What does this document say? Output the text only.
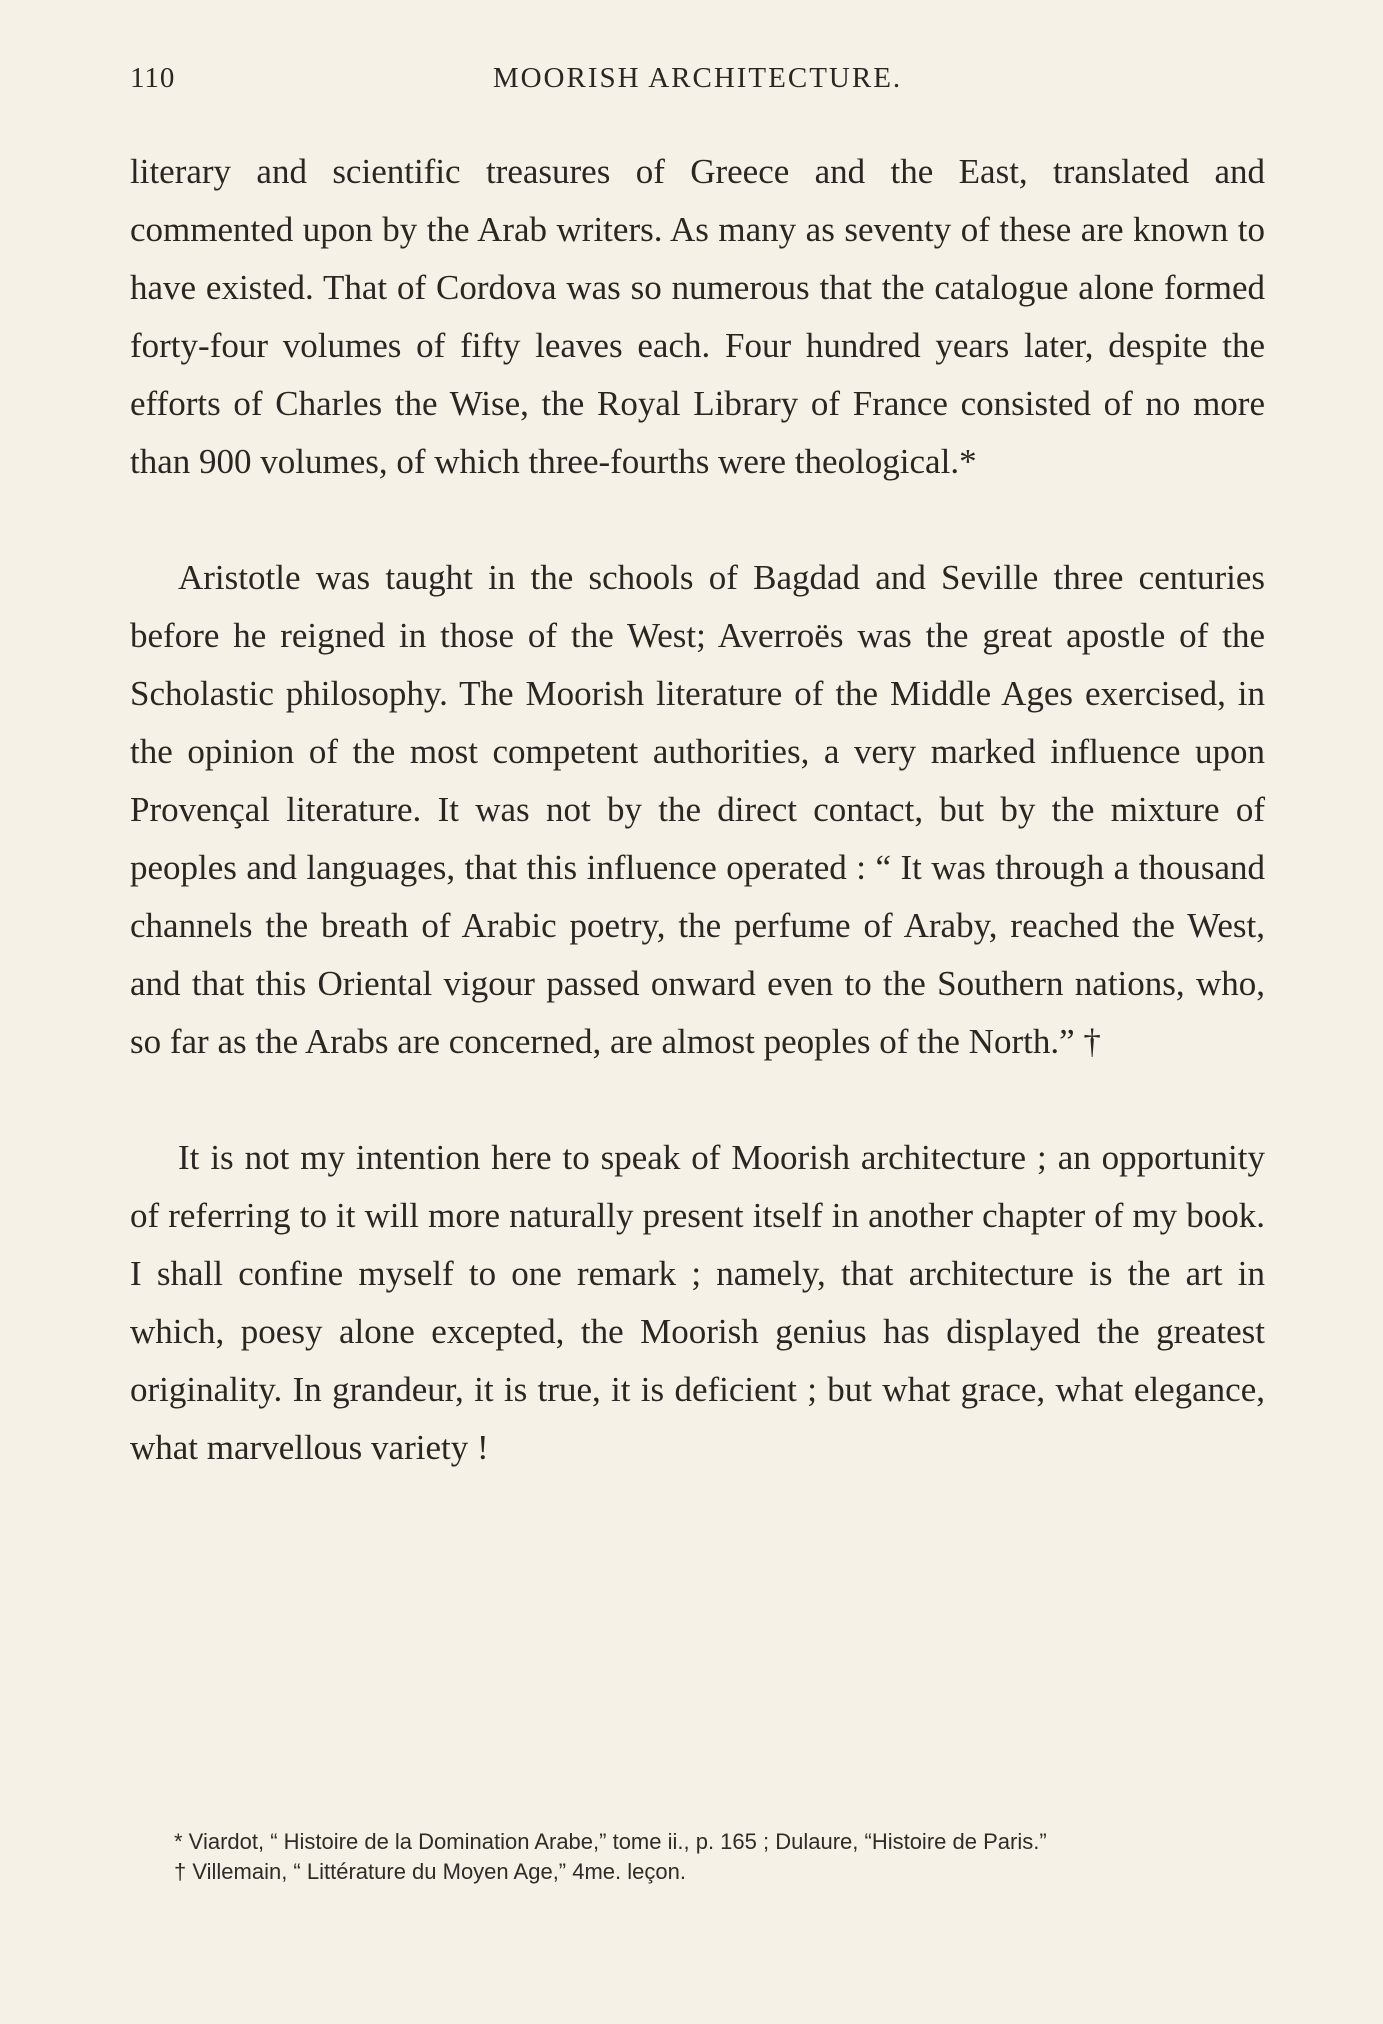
110	MOORISH ARCHITECTURE.

literary and scientific treasures of Greece and the East, translated and commented upon by the Arab writers. As many as seventy of these are known to have existed. That of Cordova was so numerous that the catalogue alone formed forty-four volumes of fifty leaves each. Four hundred years later, despite the efforts of Charles the Wise, the Royal Library of France consisted of no more than 900 volumes, of which three-fourths were theological.*

Aristotle was taught in the schools of Bagdad and Seville three centuries before he reigned in those of the West; Averroës was the great apostle of the Scholastic philosophy. The Moorish literature of the Middle Ages exercised, in the opinion of the most competent authorities, a very marked influence upon Provençal literature. It was not by the direct contact, but by the mixture of peoples and languages, that this influence operated : “ It was through a thousand channels the breath of Arabic poetry, the perfume of Araby, reached the West, and that this Oriental vigour passed onward even to the Southern nations, who, so far as the Arabs are concerned, are almost peoples of the North.” †

It is not my intention here to speak of Moorish architecture ; an opportunity of referring to it will more naturally present itself in another chapter of my book. I shall confine myself to one remark ; namely, that architecture is the art in which, poesy alone excepted, the Moorish genius has displayed the greatest originality. In grandeur, it is true, it is deficient ; but what grace, what elegance, what marvellous variety !

* Viardot, “ Histoire de la Domination Arabe,” tome ii., p. 165 ; Dulaure, “Histoire de Paris.”

† Villemain, “ Littérature du Moyen Age,” 4me. leçon.
